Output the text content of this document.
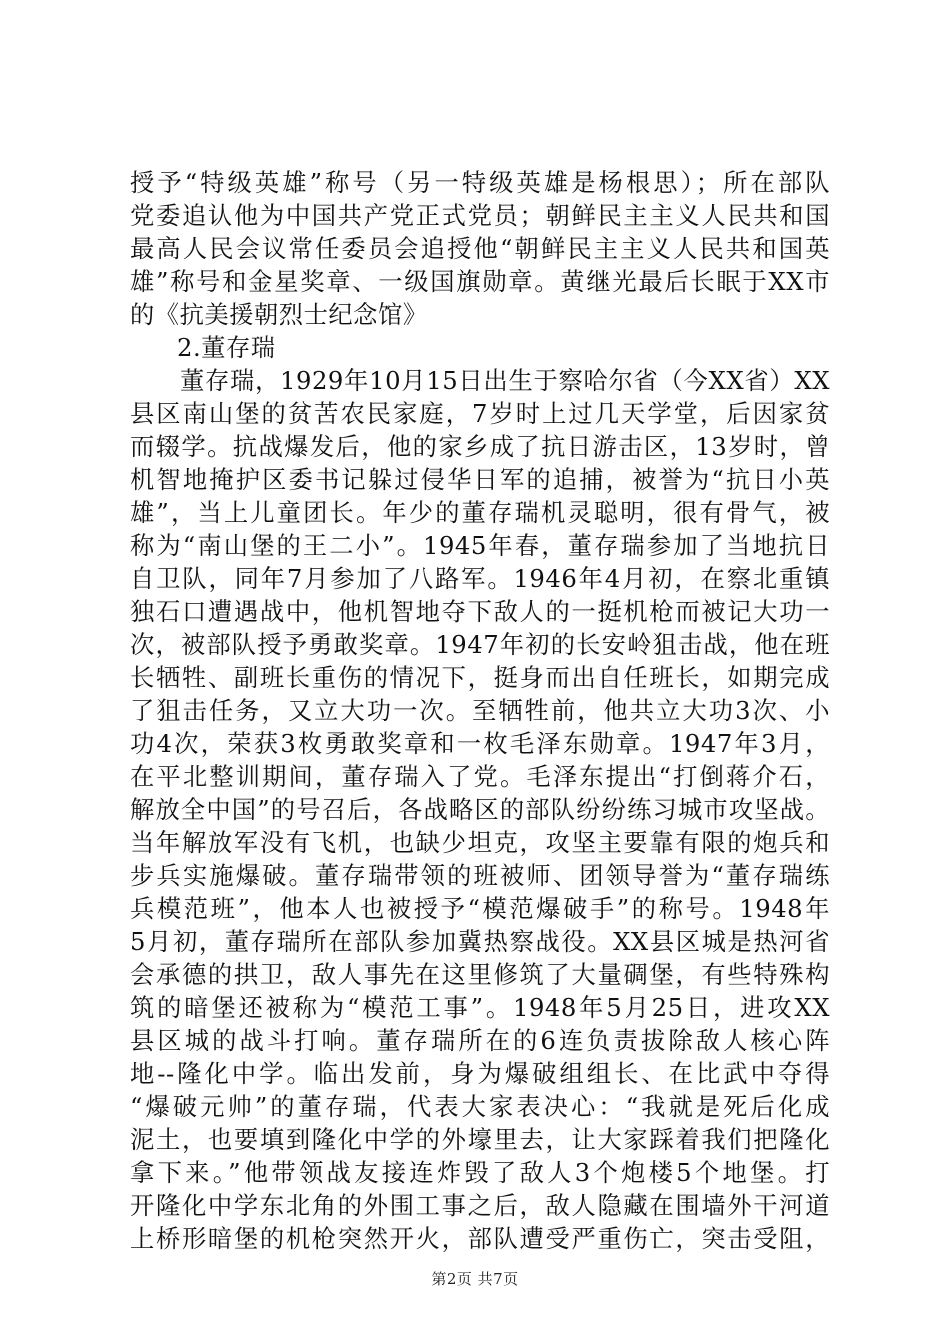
授予“特级英雄”称号（另一特级英雄是杨根思）；所在部队
党委追认他为中国共产党正式党员；朝鲜民主主义人民共和国
最高人民会议常任委员会追授他“朝鲜民主主义人民共和国英
雄”称号和金星奖章、一级国旗勋章。黄继光最后长眠于XX市
的《抗美援朝烈士纪念馆》
2.董存瑞
董存瑞，1929年10月15日出生于察哈尔省（今XX省）XX
县区南山堡的贫苦农民家庭，7岁时上过几天学堂，后因家贫
而辍学。抗战爆发后，他的家乡成了抗日游击区，13岁时，曾
机智地掩护区委书记躲过侵华日军的追捕，被誉为“抗日小英
雄”，当上儿童团长。年少的董存瑞机灵聪明，很有骨气，被
称为“南山堡的王二小”。1945年春，董存瑞参加了当地抗日
自卫队，同年7月参加了八路军。1946年4月初，在察北重镇
独石口遭遇战中，他机智地夺下敌人的一挺机枪而被记大功一
次，被部队授予勇敢奖章。1947年初的长安岭狙击战，他在班
长牺牲、副班长重伤的情况下，挺身而出自任班长，如期完成
了狙击任务，又立大功一次。至牺牲前，他共立大功3次、小
功4次，荣获3枚勇敢奖章和一枚毛泽东勋章。1947年3月，
在平北整训期间，董存瑞入了党。毛泽东提出“打倒蒋介石，
解放全中国”的号召后，各战略区的部队纷纷练习城市攻坚战。
当年解放军没有飞机，也缺少坦克，攻坚主要靠有限的炮兵和
步兵实施爆破。董存瑞带领的班被师、团领导誉为“董存瑞练
兵模范班”，他本人也被授予“模范爆破手”的称号。1948年
5月初，董存瑞所在部队参加冀热察战役。XX县区城是热河省
会承德的拱卫，敌人事先在这里修筑了大量碉堡，有些特殊构
筑的暗堡还被称为“模范工事”。1948年5月25日，进攻XX
县区城的战斗打响。董存瑞所在的6连负责拔除敌人核心阵
地--隆化中学。临出发前，身为爆破组组长、在比武中夺得
“爆破元帅”的董存瑞，代表大家表决心：“我就是死后化成
泥土，也要填到隆化中学的外壕里去，让大家踩着我们把隆化
拿下来。”他带领战友接连炸毁了敌人3个炮楼5个地堡。打
开隆化中学东北角的外围工事之后，敌人隐藏在围墙外干河道
上桥形暗堡的机枪突然开火，部队遭受严重伤亡，突击受阻，
第2页 共7页
